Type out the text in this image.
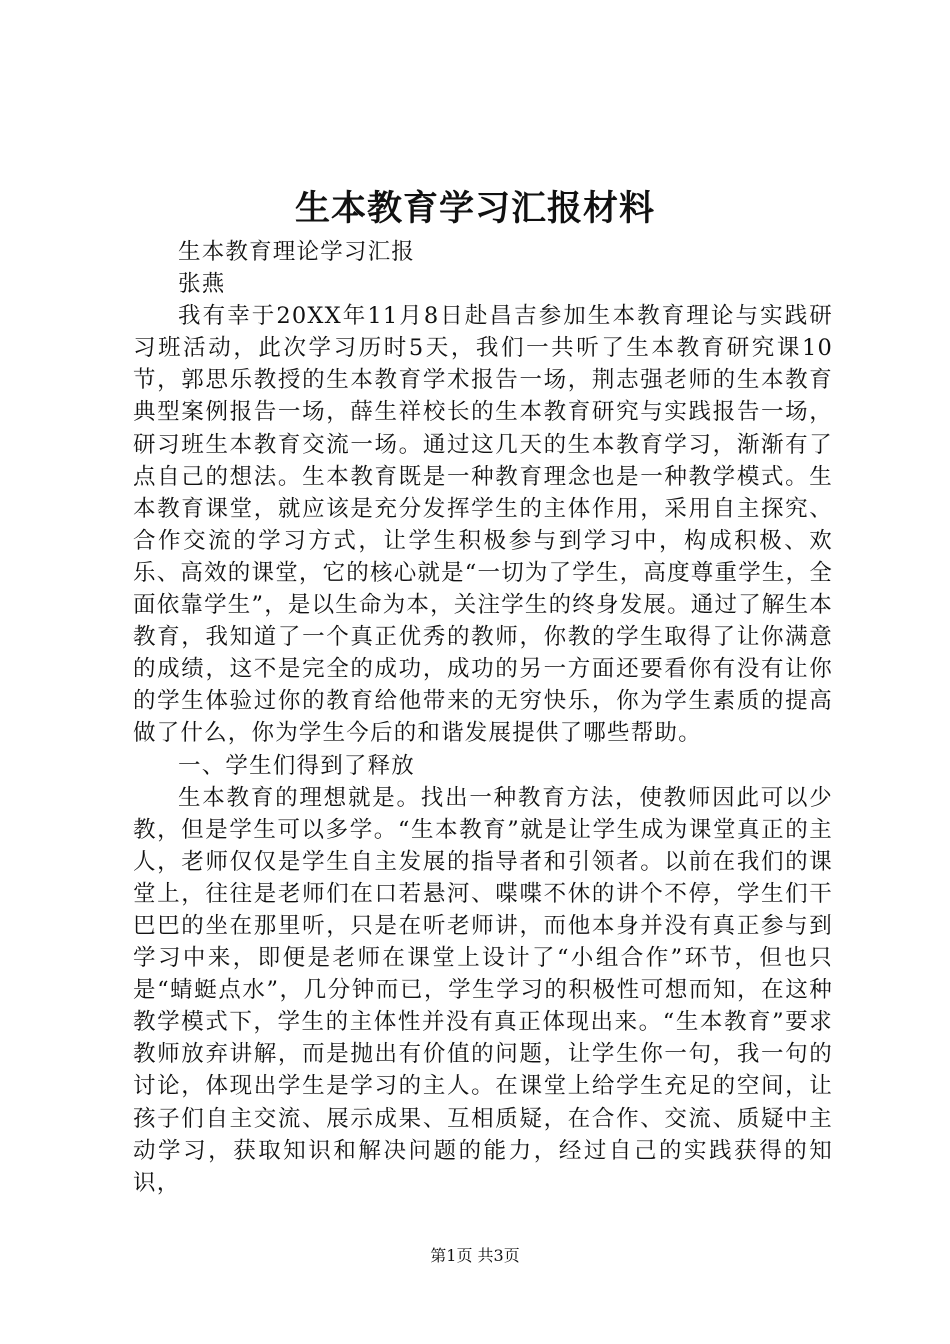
生本教育学习汇报材料

生本教育理论学习汇报

张燕

我有幸于20XX年11月8日赴昌吉参加生本教育理论与实践研习班活动，此次学习历时5天，我们一共听了生本教育研究课10节，郭思乐教授的生本教育学术报告一场，荆志强老师的生本教育典型案例报告一场，薛生祥校长的生本教育研究与实践报告一场，研习班生本教育交流一场。通过这几天的生本教育学习，渐渐有了点自己的想法。生本教育既是一种教育理念也是一种教学模式。生本教育课堂，就应该是充分发挥学生的主体作用，采用自主探究、合作交流的学习方式，让学生积极参与到学习中，构成积极、欢乐、高效的课堂，它的核心就是“一切为了学生，高度尊重学生，全面依靠学生”，是以生命为本，关注学生的终身发展。通过了解生本教育，我知道了一个真正优秀的教师，你教的学生取得了让你满意的成绩，这不是完全的成功，成功的另一方面还要看你有没有让你的学生体验过你的教育给他带来的无穷快乐，你为学生素质的提高做了什么，你为学生今后的和谐发展提供了哪些帮助。

一、学生们得到了释放

生本教育的理想就是。找出一种教育方法，使教师因此可以少教，但是学生可以多学。“生本教育”就是让学生成为课堂真正的主人，老师仅仅是学生自主发展的指导者和引领者。以前在我们的课堂上，往往是老师们在口若悬河、喋喋不休的讲个不停，学生们干巴巴的坐在那里听，只是在听老师讲，而他本身并没有真正参与到学习中来，即便是老师在课堂上设计了“小组合作”环节，但也只是“蜻蜓点水”，几分钟而已，学生学习的积极性可想而知，在这种教学模式下，学生的主体性并没有真正体现出来。“生本教育”要求教师放弃讲解，而是抛出有价值的问题，让学生你一句，我一句的讨论，体现出学生是学习的主人。在课堂上给学生充足的空间，让孩子们自主交流、展示成果、互相质疑，在合作、交流、质疑中主动学习，获取知识和解决问题的能力，经过自己的实践获得的知识，

第1页 共3页
